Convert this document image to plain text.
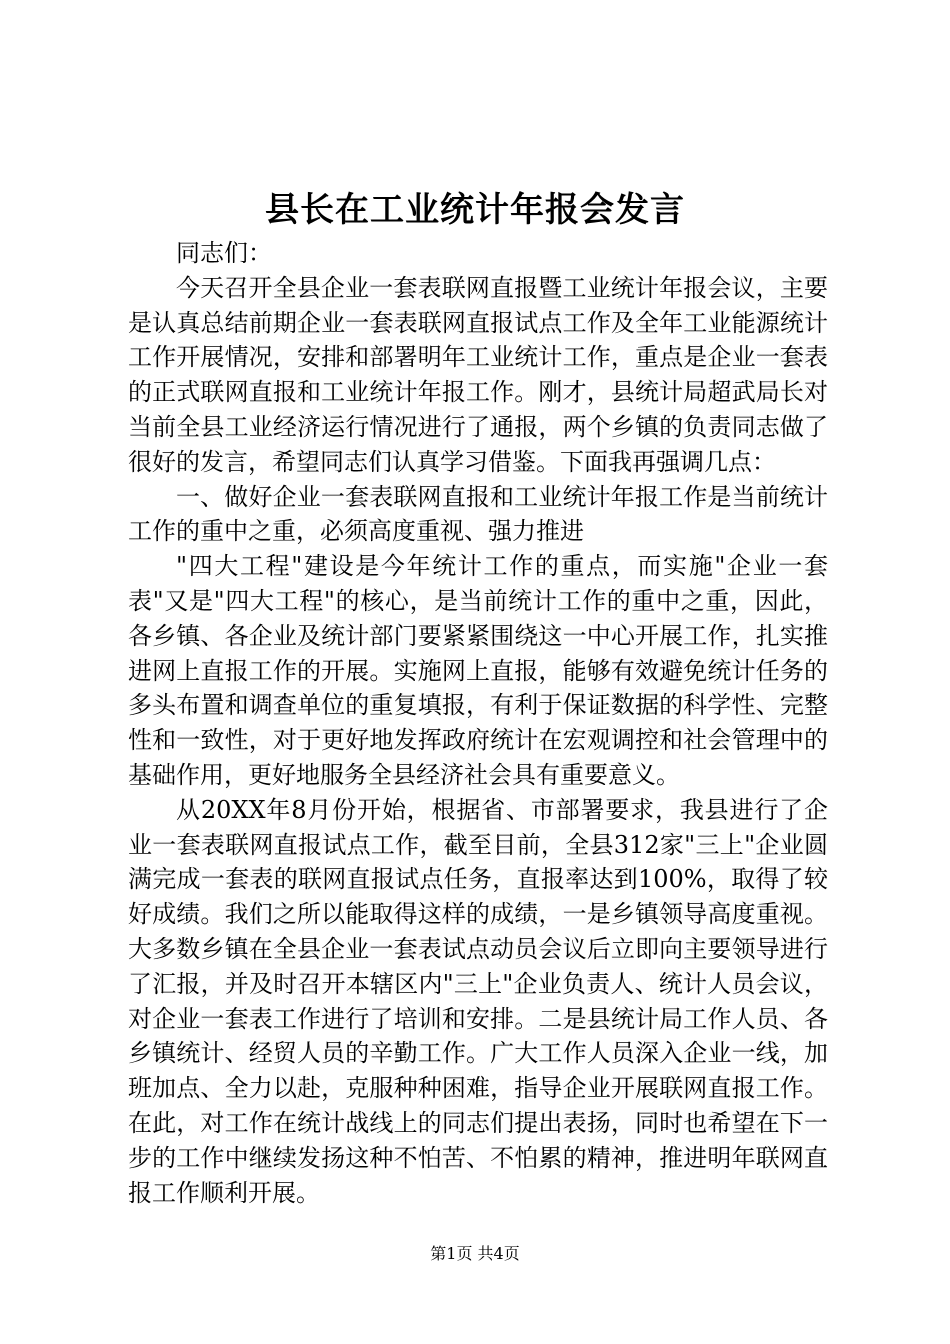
县长在工业统计年报会发言

同志们：

今天召开全县企业一套表联网直报暨工业统计年报会议，主要是认真总结前期企业一套表联网直报试点工作及全年工业能源统计工作开展情况，安排和部署明年工业统计工作，重点是企业一套表的正式联网直报和工业统计年报工作。刚才，县统计局超武局长对当前全县工业经济运行情况进行了通报，两个乡镇的负责同志做了很好的发言，希望同志们认真学习借鉴。下面我再强调几点：

一、做好企业一套表联网直报和工业统计年报工作是当前统计工作的重中之重，必须高度重视、强力推进

"四大工程"建设是今年统计工作的重点，而实施"企业一套表"又是"四大工程"的核心，是当前统计工作的重中之重，因此，各乡镇、各企业及统计部门要紧紧围绕这一中心开展工作，扎实推进网上直报工作的开展。实施网上直报，能够有效避免统计任务的多头布置和调查单位的重复填报，有利于保证数据的科学性、完整性和一致性，对于更好地发挥政府统计在宏观调控和社会管理中的基础作用，更好地服务全县经济社会具有重要意义。

从20XX年8月份开始，根据省、市部署要求，我县进行了企业一套表联网直报试点工作，截至目前，全县312家"三上"企业圆满完成一套表的联网直报试点任务，直报率达到100%，取得了较好成绩。我们之所以能取得这样的成绩，一是乡镇领导高度重视。大多数乡镇在全县企业一套表试点动员会议后立即向主要领导进行了汇报，并及时召开本辖区内"三上"企业负责人、统计人员会议，对企业一套表工作进行了培训和安排。二是县统计局工作人员、各乡镇统计、经贸人员的辛勤工作。广大工作人员深入企业一线，加班加点、全力以赴，克服种种困难，指导企业开展联网直报工作。在此，对工作在统计战线上的同志们提出表扬，同时也希望在下一步的工作中继续发扬这种不怕苦、不怕累的精神，推进明年联网直报工作顺利开展。

第1页 共4页
